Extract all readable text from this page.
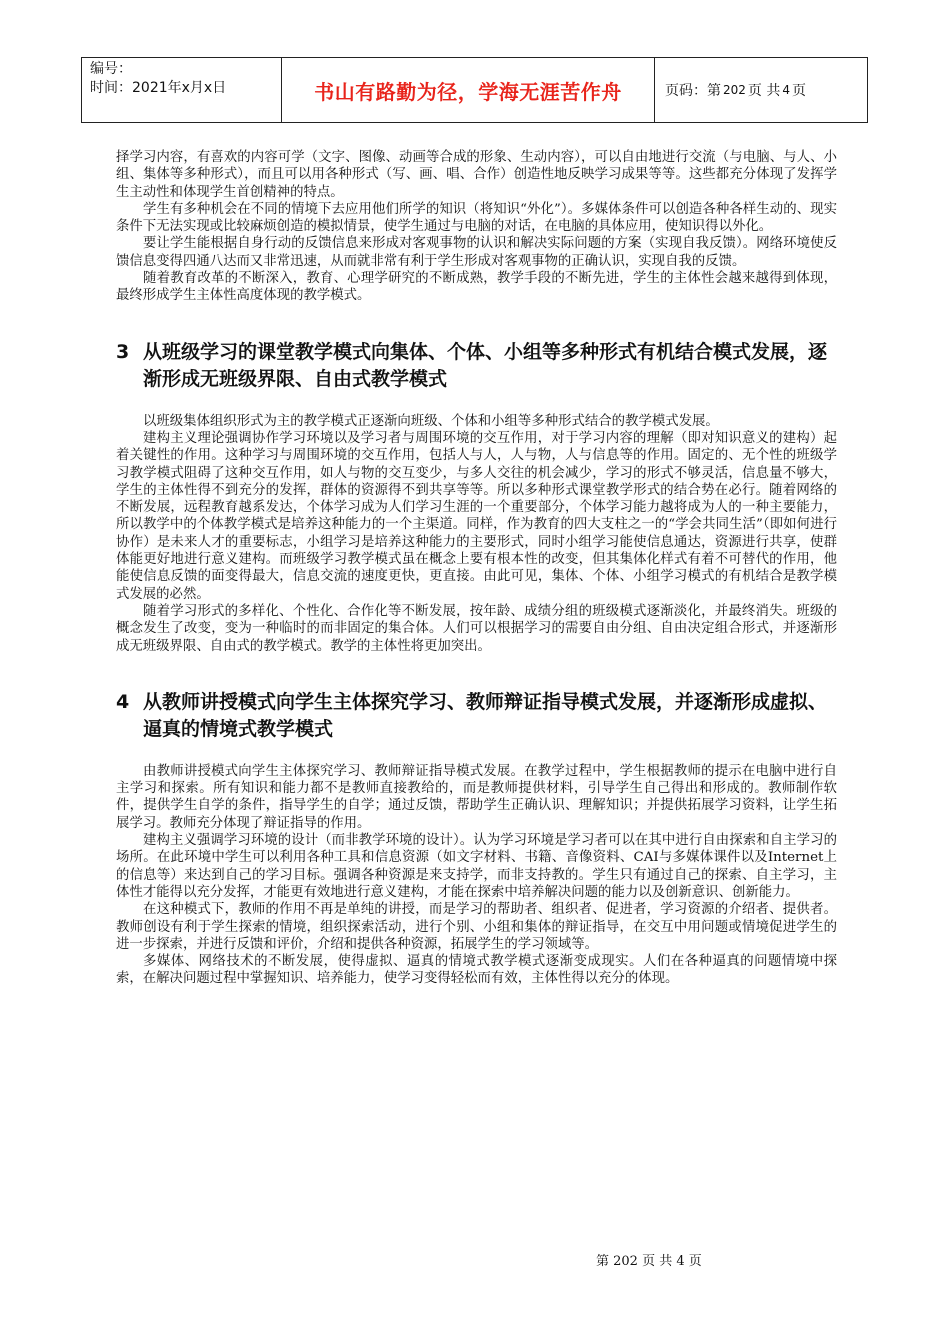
编号：
时间：2021年x月x日	书山有路勤为径，学海无涯苦作舟	页码：第 202 页 共 4 页

择学习内容，有喜欢的内容可学（文字、图像、动画等合成的形象、生动内容），可以自由地进行交流（与电脑、与人、小组、集体等多种形式），而且可以用各种形式（写、画、唱、合作）创造性地反映学习成果等等。这些都充分体现了发挥学生主动性和体现学生首创精神的特点。

学生有多种机会在不同的情境下去应用他们所学的知识（将知识“外化”）。多媒体条件可以创造各种各样生动的、现实条件下无法实现或比较麻烦创造的模拟情景，使学生通过与电脑的对话，在电脑的具体应用，使知识得以外化。

要让学生能根据自身行动的反馈信息来形成对客观事物的认识和解决实际问题的方案（实现自我反馈）。网络环境使反馈信息变得四通八达而又非常迅速，从而就非常有利于学生形成对客观事物的正确认识，实现自我的反馈。

随着教育改革的不断深入，教育、心理学研究的不断成熟，教学手段的不断先进，学生的主体性会越来越得到体现，最终形成学生主体性高度体现的教学模式。

3 从班级学习的课堂教学模式向集体、个体、小组等多种形式有机结合模式发展，逐渐形成无班级界限、自由式教学模式

以班级集体组织形式为主的教学模式正逐渐向班级、个体和小组等多种形式结合的教学模式发展。

建构主义理论强调协作学习环境以及学习者与周围环境的交互作用，对于学习内容的理解（即对知识意义的建构）起着关键性的作用。这种学习与周围环境的交互作用，包括人与人，人与物，人与信息等的作用。固定的、无个性的班级学习教学模式阻碍了这种交互作用，如人与物的交互变少，与多人交往的机会减少，学习的形式不够灵活，信息量不够大，学生的主体性得不到充分的发挥，群体的资源得不到共享等等。所以多种形式课堂教学形式的结合势在必行。随着网络的不断发展，远程教育越系发达，个体学习成为人们学习生涯的一个重要部分，个体学习能力越将成为人的一种主要能力，所以教学中的个体教学模式是培养这种能力的一个主渠道。同样，作为教育的四大支柱之一的“学会共同生活”（即如何进行协作）是未来人才的重要标志，小组学习是培养这种能力的主要形式，同时小组学习能使信息通达，资源进行共享，使群体能更好地进行意义建构。而班级学习教学模式虽在概念上要有根本性的改变，但其集体化样式有着不可替代的作用，他能使信息反馈的面变得最大，信息交流的速度更快，更直接。由此可见，集体、个体、小组学习模式的有机结合是教学模式发展的必然。

随着学习形式的多样化、个性化、合作化等不断发展，按年龄、成绩分组的班级模式逐渐淡化，并最终消失。班级的概念发生了改变，变为一种临时的而非固定的集合体。人们可以根据学习的需要自由分组、自由决定组合形式，并逐渐形成无班级界限、自由式的教学模式。教学的主体性将更加突出。

4 从教师讲授模式向学生主体探究学习、教师辩证指导模式发展，并逐渐形成虚拟、逼真的情境式教学模式

由教师讲授模式向学生主体探究学习、教师辩证指导模式发展。在教学过程中，学生根据教师的提示在电脑中进行自主学习和探索。所有知识和能力都不是教师直接教给的，而是教师提供材料，引导学生自己得出和形成的。教师制作软件，提供学生自学的条件，指导学生的自学；通过反馈，帮助学生正确认识、理解知识；并提供拓展学习资料，让学生拓展学习。教师充分体现了辩证指导的作用。

建构主义强调学习环境的设计（而非教学环境的设计）。认为学习环境是学习者可以在其中进行自由探索和自主学习的场所。在此环境中学生可以利用各种工具和信息资源（如文字材料、书籍、音像资料、CAI与多媒体课件以及Internet上的信息等）来达到自己的学习目标。强调各种资源是来支持学，而非支持教的。学生只有通过自己的探索、自主学习，主体性才能得以充分发挥，才能更有效地进行意义建构，才能在探索中培养解决问题的能力以及创新意识、创新能力。

在这种模式下，教师的作用不再是单纯的讲授，而是学习的帮助者、组织者、促进者，学习资源的介绍者、提供者。教师创设有利于学生探索的情境，组织探索活动，进行个别、小组和集体的辩证指导，在交互中用问题或情境促进学生的进一步探索，并进行反馈和评价，介绍和提供各种资源，拓展学生的学习领域等。

多媒体、网络技术的不断发展，使得虚拟、逼真的情境式教学模式逐渐变成现实。人们在各种逼真的问题情境中探索，在解决问题过程中掌握知识、培养能力，使学习变得轻松而有效，主体性得以充分的体现。

第 202 页 共 4 页
